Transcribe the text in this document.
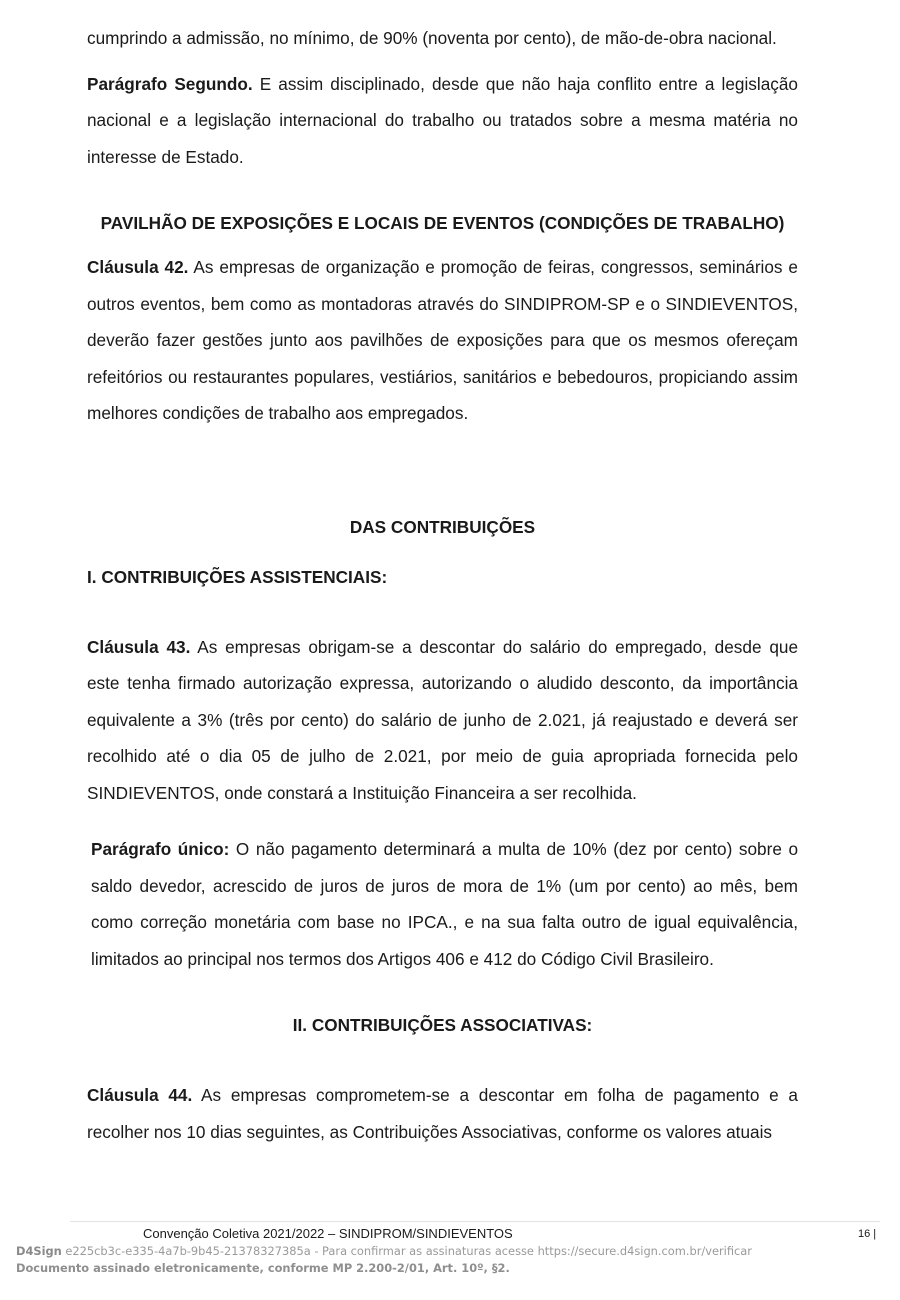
cumprindo a admissão, no mínimo, de 90% (noventa por cento), de mão-de-obra nacional.

Parágrafo Segundo. E assim disciplinado, desde que não haja conflito entre a legislação nacional e a legislação internacional do trabalho ou tratados sobre a mesma matéria no interesse de Estado.

PAVILHÃO DE EXPOSIÇÕES E LOCAIS DE EVENTOS (CONDIÇÕES DE TRABALHO)

Cláusula 42. As empresas de organização e promoção de feiras, congressos, seminários e outros eventos, bem como as montadoras através do SINDIPROM-SP e o SINDIEVENTOS, deverão fazer gestões junto aos pavilhões de exposições para que os mesmos ofereçam refeitórios ou restaurantes populares, vestiários, sanitários e bebedouros, propiciando assim melhores condições de trabalho aos empregados.

DAS CONTRIBUIÇÕES
I. CONTRIBUIÇÕES ASSISTENCIAIS:

Cláusula 43. As empresas obrigam-se a descontar do salário do empregado, desde que este tenha firmado autorização expressa, autorizando o aludido desconto, da importância equivalente a 3% (três por cento) do salário de junho de 2.021, já reajustado e deverá ser recolhido até o dia 05 de julho de 2.021, por meio de guia apropriada fornecida pelo SINDIEVENTOS, onde constará a Instituição Financeira a ser recolhida.

Parágrafo único: O não pagamento determinará a multa de 10% (dez por cento) sobre o saldo devedor, acrescido de juros de juros de mora de 1% (um por cento) ao mês, bem como correção monetária com base no IPCA., e na sua falta outro de igual equivalência, limitados ao principal nos termos dos Artigos 406 e 412 do Código Civil Brasileiro.

II. CONTRIBUIÇÕES ASSOCIATIVAS:

Cláusula 44. As empresas comprometem-se a descontar em folha de pagamento e a recolher nos 10 dias seguintes, as Contribuições Associativas, conforme os valores atuais

Convenção Coletiva 2021/2022 – SINDIPROM/SINDIEVENTOS	16 |
D4Sign e225cb3c-e335-4a7b-9b45-21378327385a - Para confirmar as assinaturas acesse https://secure.d4sign.com.br/verificar
Documento assinado eletronicamente, conforme MP 2.200-2/01, Art. 10º, §2.
